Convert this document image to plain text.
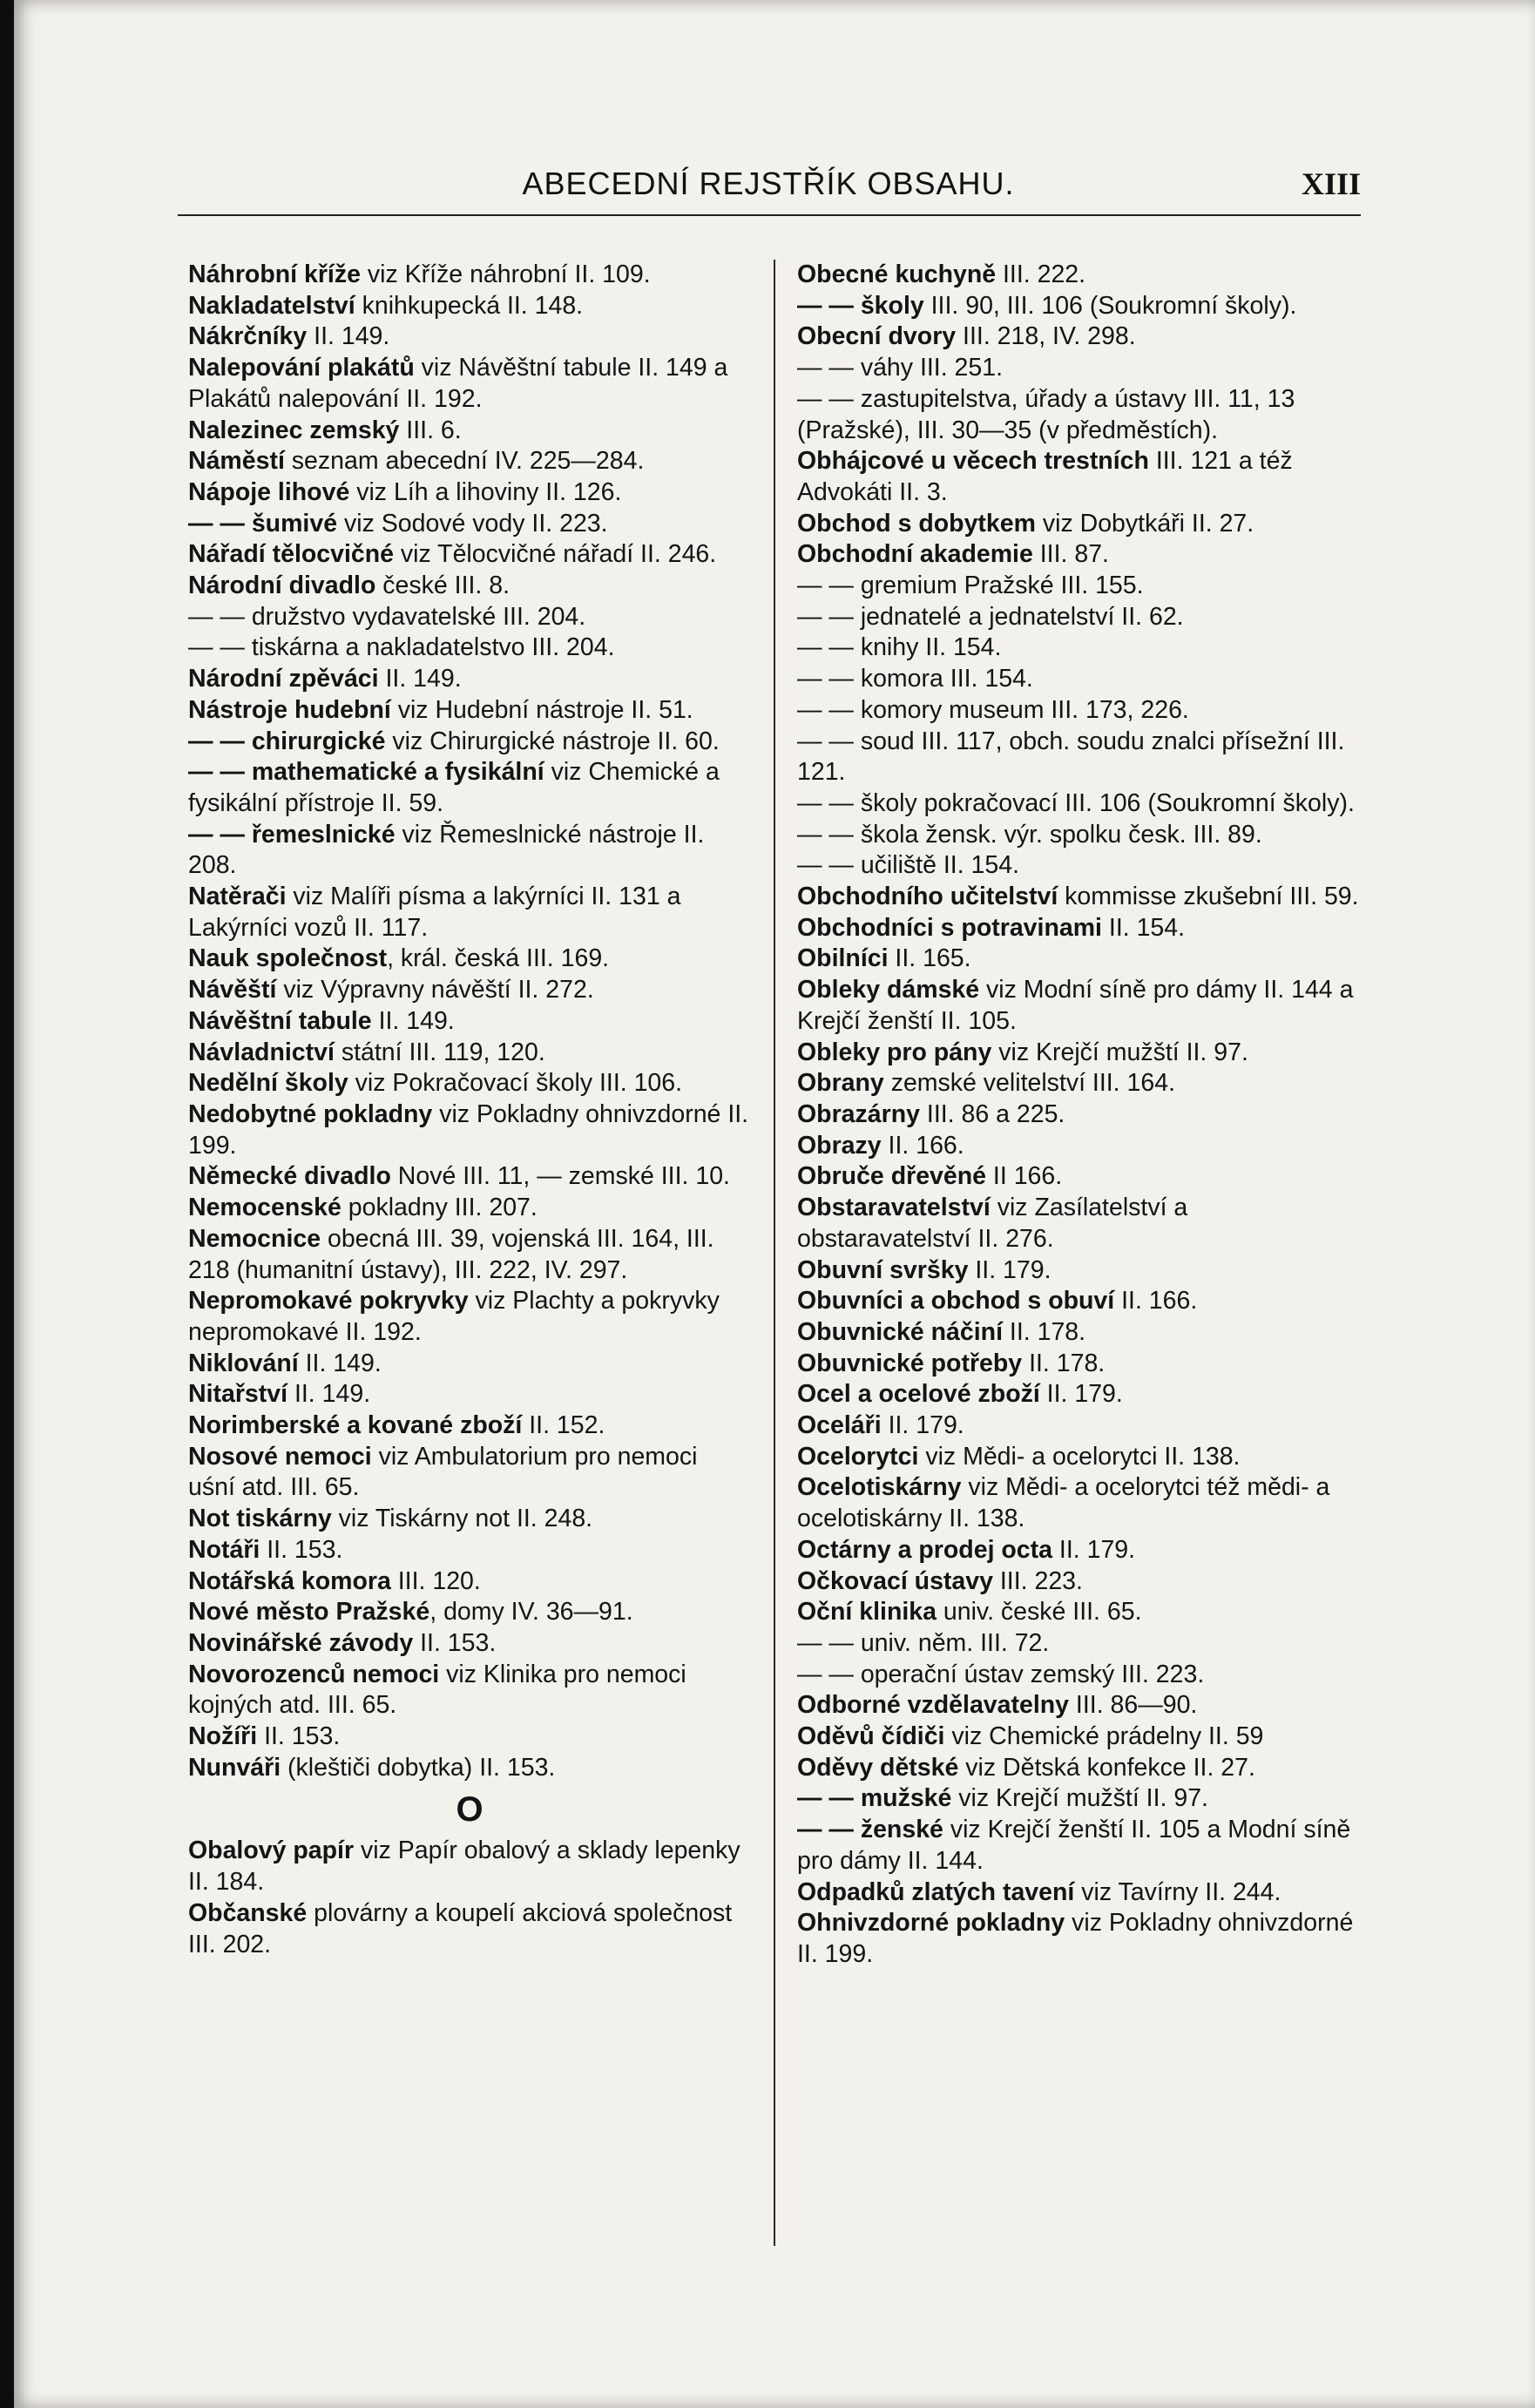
ABECEDNÍ REJSTŘÍK OBSAHU.	XIII
Náhrobní kříže viz Kříže náhrobní II. 109.
Nakladatelství knihkupecká II. 148.
Nákrčníky II. 149.
Nalepování plakátů viz Návěštní tabule II. 149 a Plakátů nalepování II. 192.
Nalezinec zemský III. 6.
Náměstí seznam abecední IV. 225—284.
Nápoje lihové viz Líh a lihoviny II. 126.
— — šumivé viz Sodové vody II. 223.
Nářadí tělocvičné viz Tělocvičné nářadí II. 246.
Národní divadlo české III. 8.
— — družstvo vydavatelské III. 204.
— — tiskárna a nakladatelstvo III. 204.
Národní zpěváci II. 149.
Nástroje hudební viz Hudební nástroje II. 51.
— — chirurgické viz Chirurgické nástroje II. 60.
— — mathematické a fysikální viz Chemické a fysikální přístroje II. 59.
— — řemeslnické viz Řemeslnické nástroje II. 208.
Natěrači viz Malíři písma a lakýrníci II. 131 a Lakýrníci vozů II. 117.
Nauk společnost, král. česká III. 169.
Návěští viz Výpravny návěští II. 272.
Návěštní tabule II. 149.
Návladnictví státní III. 119, 120.
Nedělní školy viz Pokračovací školy III. 106.
Nedobytné pokladny viz Pokladny ohnivzdorné II. 199.
Německé divadlo Nové III. 11, — zemské III. 10.
Nemocenské pokladny III. 207.
Nemocnice obecná III. 39, vojenská III. 164, III. 218 (humanitní ústavy), III. 222, IV. 297.
Nepromokavé pokryvky viz Plachty a pokryvky nepromokavé II. 192.
Niklování II. 149.
Nitařství II. 149.
Norimberské a kované zboží II. 152.
Nosové nemoci viz Ambulatorium pro nemoci uśní atd. III. 65.
Not tiskárny viz Tiskárny not II. 248.
Notáři II. 153.
Notářská komora III. 120.
Nové město Pražské, domy IV. 36—91.
Novinářské závody II. 153.
Novorozenců nemoci viz Klinika pro nemoci kojných atd. III. 65.
Nožíři II. 153.
Nunváři (kleštiči dobytka) II. 153.
O
Obalový papír viz Papír obalový a sklady lepenky II. 184.
Občanské plovárny a koupelí akciová společnost III. 202.
Obecné kuchyně III. 222.
— — školy III. 90, III. 106 (Soukromní školy).
Obecní dvory III. 218, IV. 298.
— — váhy III. 251.
— — zastupitelstva, úřady a ústavy III. 11, 13 (Pražské), III. 30—35 (v předměstích).
Obhájcové u věcech trestních III. 121 a též Advokáti II. 3.
Obchod s dobytkem viz Dobytkáři II. 27.
Obchodní akademie III. 87.
— — gremium Pražské III. 155.
— — jednatelé a jednatelství II. 62.
— — knihy II. 154.
— — komora III. 154.
— — komory museum III. 173, 226.
— — soud III. 117, obch. soudu znalci přísežní III. 121.
— — školy pokračovací III. 106 (Soukromní školy).
— — škola žensk. výr. spolku česk. III. 89.
— — učiliště II. 154.
Obchodního učitelství kommisse zkušební III. 59.
Obchodníci s potravinami II. 154.
Obilníci II. 165.
Obleky dámské viz Modní síně pro dámy II. 144 a Krejčí ženští II. 105.
Obleky pro pány viz Krejčí mužští II. 97.
Obrany zemské velitelství III. 164.
Obrazárny III. 86 a 225.
Obrazy II. 166.
Obruče dřevěné II 166.
Obstaravatelství viz Zasílatelství a obstaravatelství II. 276.
Obuvní svršky II. 179.
Obuvníci a obchod s obuví II. 166.
Obuvnické náčiní II. 178.
Obuvnické potřeby II. 178.
Ocel a ocelové zboží II. 179.
Oceláři II. 179.
Ocelorytci viz Mědi- a ocelorytci II. 138.
Ocelotiskárny viz Mědi- a ocelorytci též mědi- a ocelotiskárny II. 138.
Octárny a prodej octa II. 179.
Očkovací ústavy III. 223.
Oční klinika univ. české III. 65.
— — univ. něm. III. 72.
— — operační ústav zemský III. 223.
Odborné vzdělavatelny III. 86—90.
Oděvů čídiči viz Chemické prádelny II. 59
Oděvy dětské viz Dětská konfekce II. 27.
— — mužské viz Krejčí mužští II. 97.
— — ženské viz Krejčí ženští II. 105 a Modní síně pro dámy II. 144.
Odpadků zlatých tavení viz Tavírny II. 244.
Ohnivzdorné pokladny viz Pokladny ohnivzdorné II. 199.
